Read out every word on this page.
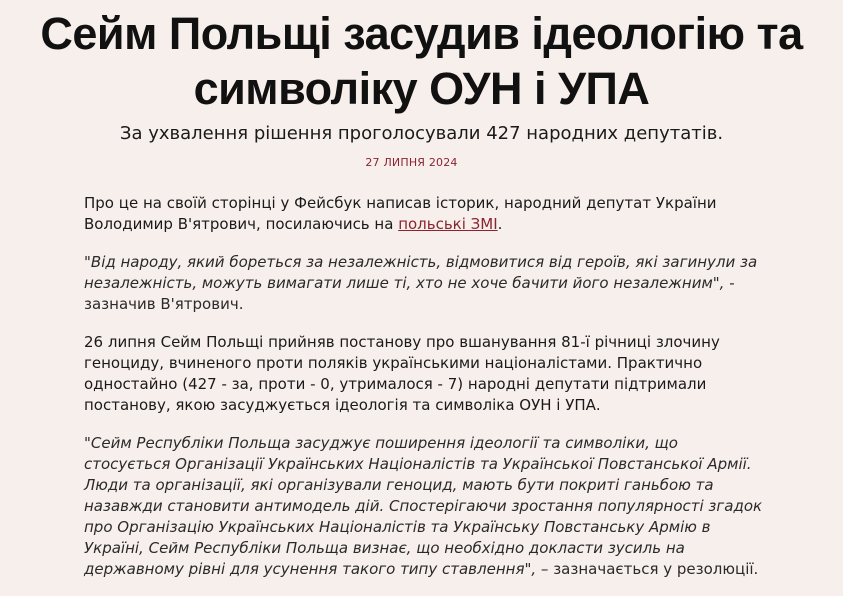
Сейм Польщі засудив ідеологію та
символіку ОУН і УПА

За ухвалення рішення проголосували 427 народних депутатів.

27 ЛИПНЯ 2024

Про це на своїй сторінці у Фейсбук написав історик, народний депутат України Володимир В'ятрович, посилаючись на польські ЗМІ.

"Від народу, який бореться за незалежність, відмовитися від героїв, які загинули за незалежність, можуть вимагати лише ті, хто не хоче бачити його незалежним", - зазначив В'ятрович.

26 липня Сейм Польщі прийняв постанову про вшанування 81-ї річниці злочину геноциду, вчиненого проти поляків українськими націоналістами. Практично одностайно (427 - за, проти - 0, утрималося - 7) народні депутати підтримали постанову, якою засуджується ідеологія та символіка ОУН і УПА.

"Сейм Республіки Польща засуджує поширення ідеології та символіки, що стосується Організації Українських Націоналістів та Української Повстанської Армії. Люди та організації, які організували геноцид, мають бути покриті ганьбою та назавжди становити антимодель дій. Спостерігаючи зростання популярності згадок про Організацію Українських Націоналістів та Українську Повстанську Армію в Україні, Сейм Республіки Польща визнає, що необхідно докласти зусиль на державному рівні для усунення такого типу ставлення", – зазначається у резолюції.
